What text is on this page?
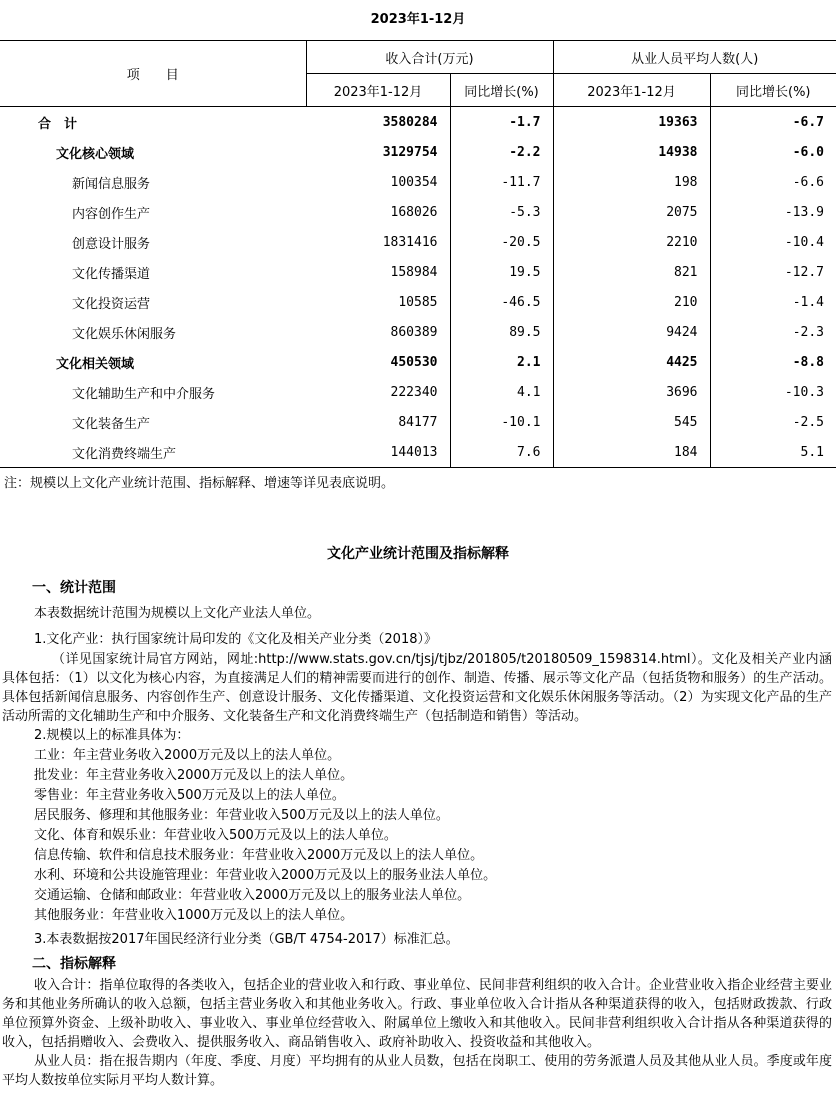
2023年1-12月
项　　目	收入合计(万元)		从业人员平均人数(人)	
	2023年1-12月	同比增长(%)	2023年1-12月	同比增长(%)
合　计	3580284	-1.7	19363	-6.7
文化核心领域	3129754	-2.2	14938	-6.0
新闻信息服务	100354	-11.7	198	-6.6
内容创作生产	168026	-5.3	2075	-13.9
创意设计服务	1831416	-20.5	2210	-10.4
文化传播渠道	158984	19.5	821	-12.7
文化投资运营	10585	-46.5	210	-1.4
文化娱乐休闲服务	860389	89.5	9424	-2.3
文化相关领域	450530	2.1	4425	-8.8
文化辅助生产和中介服务	222340	4.1	3696	-10.3
文化装备生产	84177	-10.1	545	-2.5
文化消费终端生产	144013	7.6	184	5.1
注：规模以上文化产业统计范围、指标解释、增速等详见表底说明。
文化产业统计范围及指标解释
一、统计范围
本表数据统计范围为规模以上文化产业法人单位。
1.文化产业：执行国家统计局印发的《文化及相关产业分类（2018）》
（详见国家统计局官方网站，网址:http://www.stats.gov.cn/tjsj/tjbz/201805/t20180509_1598314.html）。文化及相关产业内涵具体包括：（1）以文化为核心内容，为直接满足人们的精神需要而进行的创作、制造、传播、展示等文化产品（包括货物和服务）的生产活动。具体包括新闻信息服务、内容创作生产、创意设计服务、文化传播渠道、文化投资运营和文化娱乐休闲服务等活动。（2）为实现文化产品的生产活动所需的文化辅助生产和中介服务、文化装备生产和文化消费终端生产（包括制造和销售）等活动。
2.规模以上的标准具体为：
工业：年主营业务收入2000万元及以上的法人单位。
批发业：年主营业务收入2000万元及以上的法人单位。
零售业：年主营业务收入500万元及以上的法人单位。
居民服务、修理和其他服务业：年营业收入500万元及以上的法人单位。
文化、体育和娱乐业：年营业收入500万元及以上的法人单位。
信息传输、软件和信息技术服务业：年营业收入2000万元及以上的法人单位。
水利、环境和公共设施管理业：年营业收入2000万元及以上的服务业法人单位。
交通运输、仓储和邮政业：年营业收入2000万元及以上的服务业法人单位。
其他服务业：年营业收入1000万元及以上的法人单位。
3.本表数据按2017年国民经济行业分类（GB/T 4754-2017）标准汇总。
二、指标解释
收入合计：指单位取得的各类收入，包括企业的营业收入和行政、事业单位、民间非营利组织的收入合计。企业营业收入指企业经营主要业务和其他业务所确认的收入总额，包括主营业务收入和其他业务收入。行政、事业单位收入合计指从各种渠道获得的收入，包括财政拨款、行政单位预算外资金、上级补助收入、事业收入、事业单位经营收入、附属单位上缴收入和其他收入。民间非营利组织收入合计指从各种渠道获得的收入，包括捐赠收入、会费收入、提供服务收入、商品销售收入、政府补助收入、投资收益和其他收入。
从业人员：指在报告期内（年度、季度、月度）平均拥有的从业人员数，包括在岗职工、使用的劳务派遣人员及其他从业人员。季度或年度平均人数按单位实际月平均人数计算。
